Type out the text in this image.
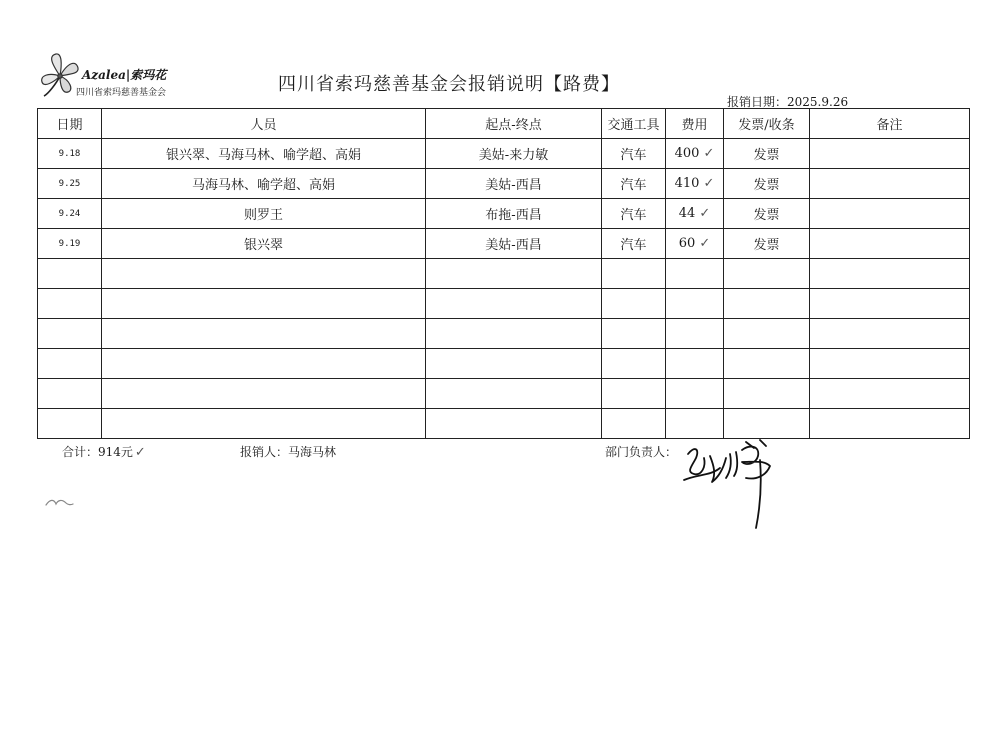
Azalea|索玛花
四川省索玛慈善基金会	四川省索玛慈善基金会报销说明【路费】
报销日期：2025.9.26
日期	人员	起点-终点	交通工具	费用	发票/收条	备注
9.18	银兴翠、马海马林、喻学超、高娟	美姑-来力敏	汽车	400 ✓	发票	
9.25	马海马林、喻学超、高娟	美姑-西昌	汽车	410 ✓	发票	
9.24	则罗王	布拖-西昌	汽车	44 ✓	发票	
9.19	银兴翠	美姑-西昌	汽车	60 ✓	发票	

合计：914元 ✓	报销人：马海马林	部门负责人：
